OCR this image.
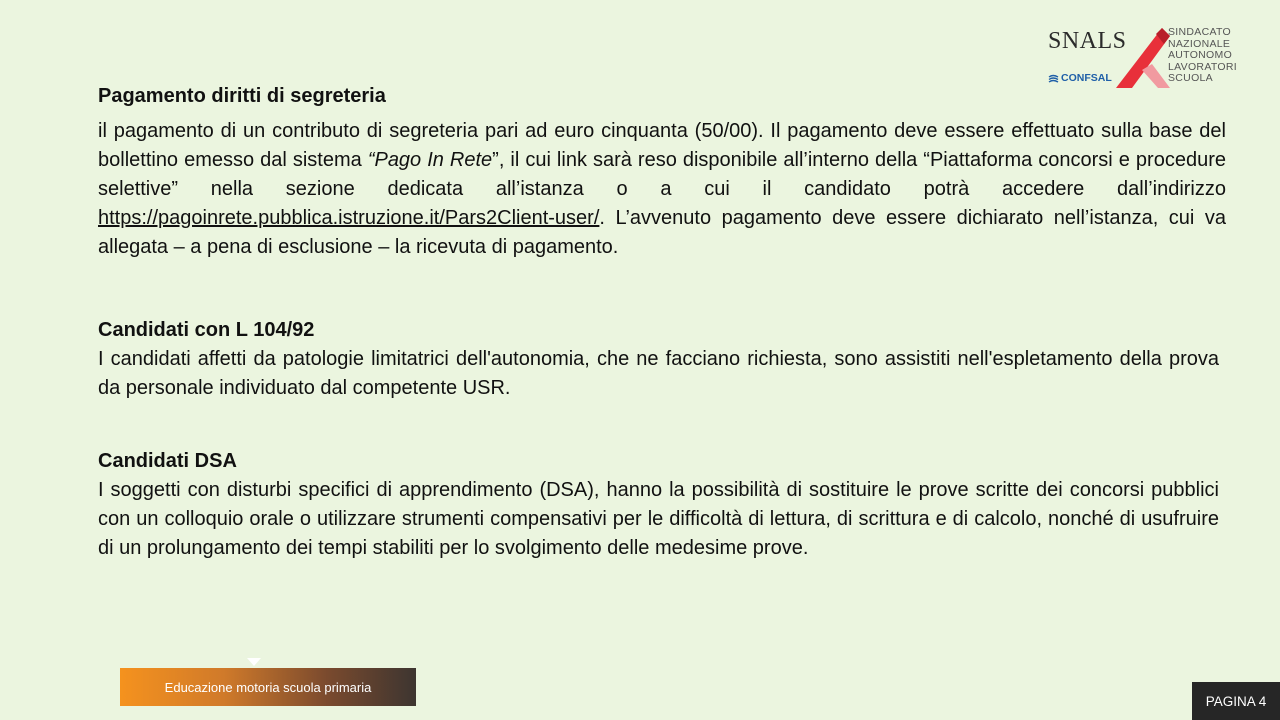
SNALS	SINDACATO
NAZIONALE
AUTONOMO
LAVORATORI
SCUOLA
CONFSAL
Pagamento diritti di segreteria
il pagamento di un contributo di segreteria pari ad euro cinquanta (50/00). Il pagamento deve essere effettuato sulla base del bollettino emesso dal sistema “Pago In Rete”, il cui link sarà reso disponibile all’interno della “Piattaforma concorsi e procedure selettive” nella sezione dedicata all’istanza o a cui il candidato potrà accedere dall’indirizzo https://pagoinrete.pubblica.istruzione.it/Pars2Client-user/. L’avvenuto pagamento deve essere dichiarato nell’istanza, cui va allegata – a pena di esclusione – la ricevuta di pagamento.
Candidati con L 104/92
I candidati affetti da patologie limitatrici dell'autonomia, che ne facciano richiesta, sono assistiti nell'espletamento della prova da personale individuato dal competente USR.
Candidati DSA
I soggetti con disturbi specifici di apprendimento (DSA), hanno la possibilità di sostituire le prove scritte dei concorsi pubblici con un colloquio orale o utilizzare strumenti compensativi per le difficoltà di lettura, di scrittura e di calcolo, nonché di usufruire di un prolungamento dei tempi stabiliti per lo svolgimento delle medesime prove.
Educazione motoria scuola primaria
PAGINA 4
